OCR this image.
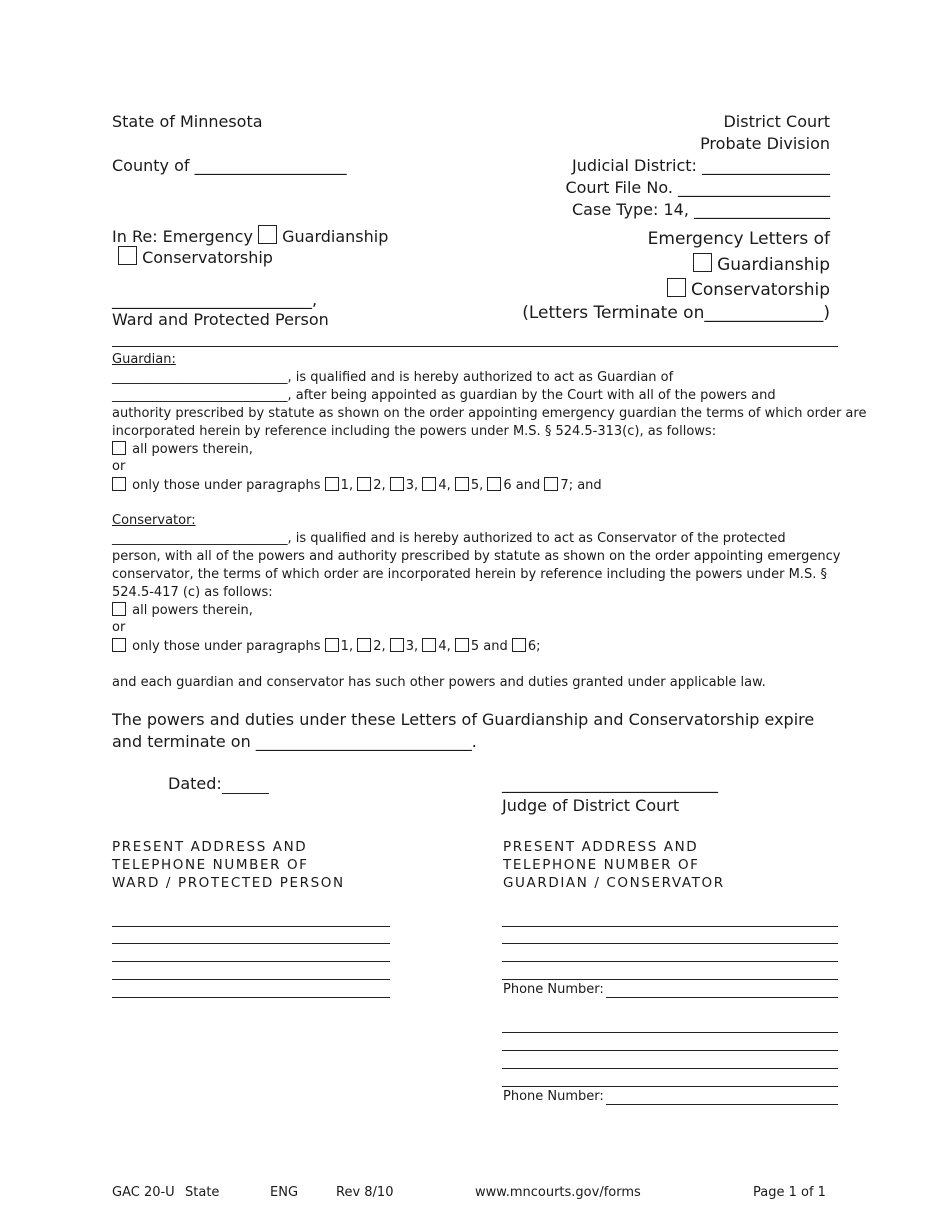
State of Minnesota	District Court
Probate Division
County of ___________________	Judicial District: ________________
Court File No. ___________________
Case Type: 14, _________________
In Re: Emergency Guardianship
Conservatorship
_________________________,
Ward and Protected Person
Emergency Letters of
Guardianship
Conservatorship
(Letters Terminate on______________)
Guardian:
___________________________, is qualified and is hereby authorized to act as Guardian of
___________________________, after being appointed as guardian by the Court with all of the powers and
authority prescribed by statute as shown on the order appointing emergency guardian the terms of which order are
incorporated herein by reference including the powers under M.S. § 524.5-313(c), as follows:
all powers therein,
or
only those under paragraphs 1, 2, 3, 4, 5, 6 and 7; and
Conservator:
___________________________, is qualified and is hereby authorized to act as Conservator of the protected
person, with all of the powers and authority prescribed by statute as shown on the order appointing emergency
conservator, the terms of which order are incorporated herein by reference including the powers under M.S. §
524.5-417 (c) as follows:
all powers therein,
or
only those under paragraphs 1, 2, 3, 4, 5 and 6;
and each guardian and conservator has such other powers and duties granted under applicable law.
The powers and duties under these Letters of Guardianship and Conservatorship expire
and terminate on ___________________________.
Dated:	___________________________
Judge of District Court
PRESENT ADDRESS AND
TELEPHONE NUMBER OF
WARD / PROTECTED PERSON
PRESENT ADDRESS AND
TELEPHONE NUMBER OF
GUARDIAN / CONSERVATOR
Phone Number:
Phone Number:
GAC 20-U State	ENG	Rev 8/10	www.mncourts.gov/forms	Page 1 of 1
